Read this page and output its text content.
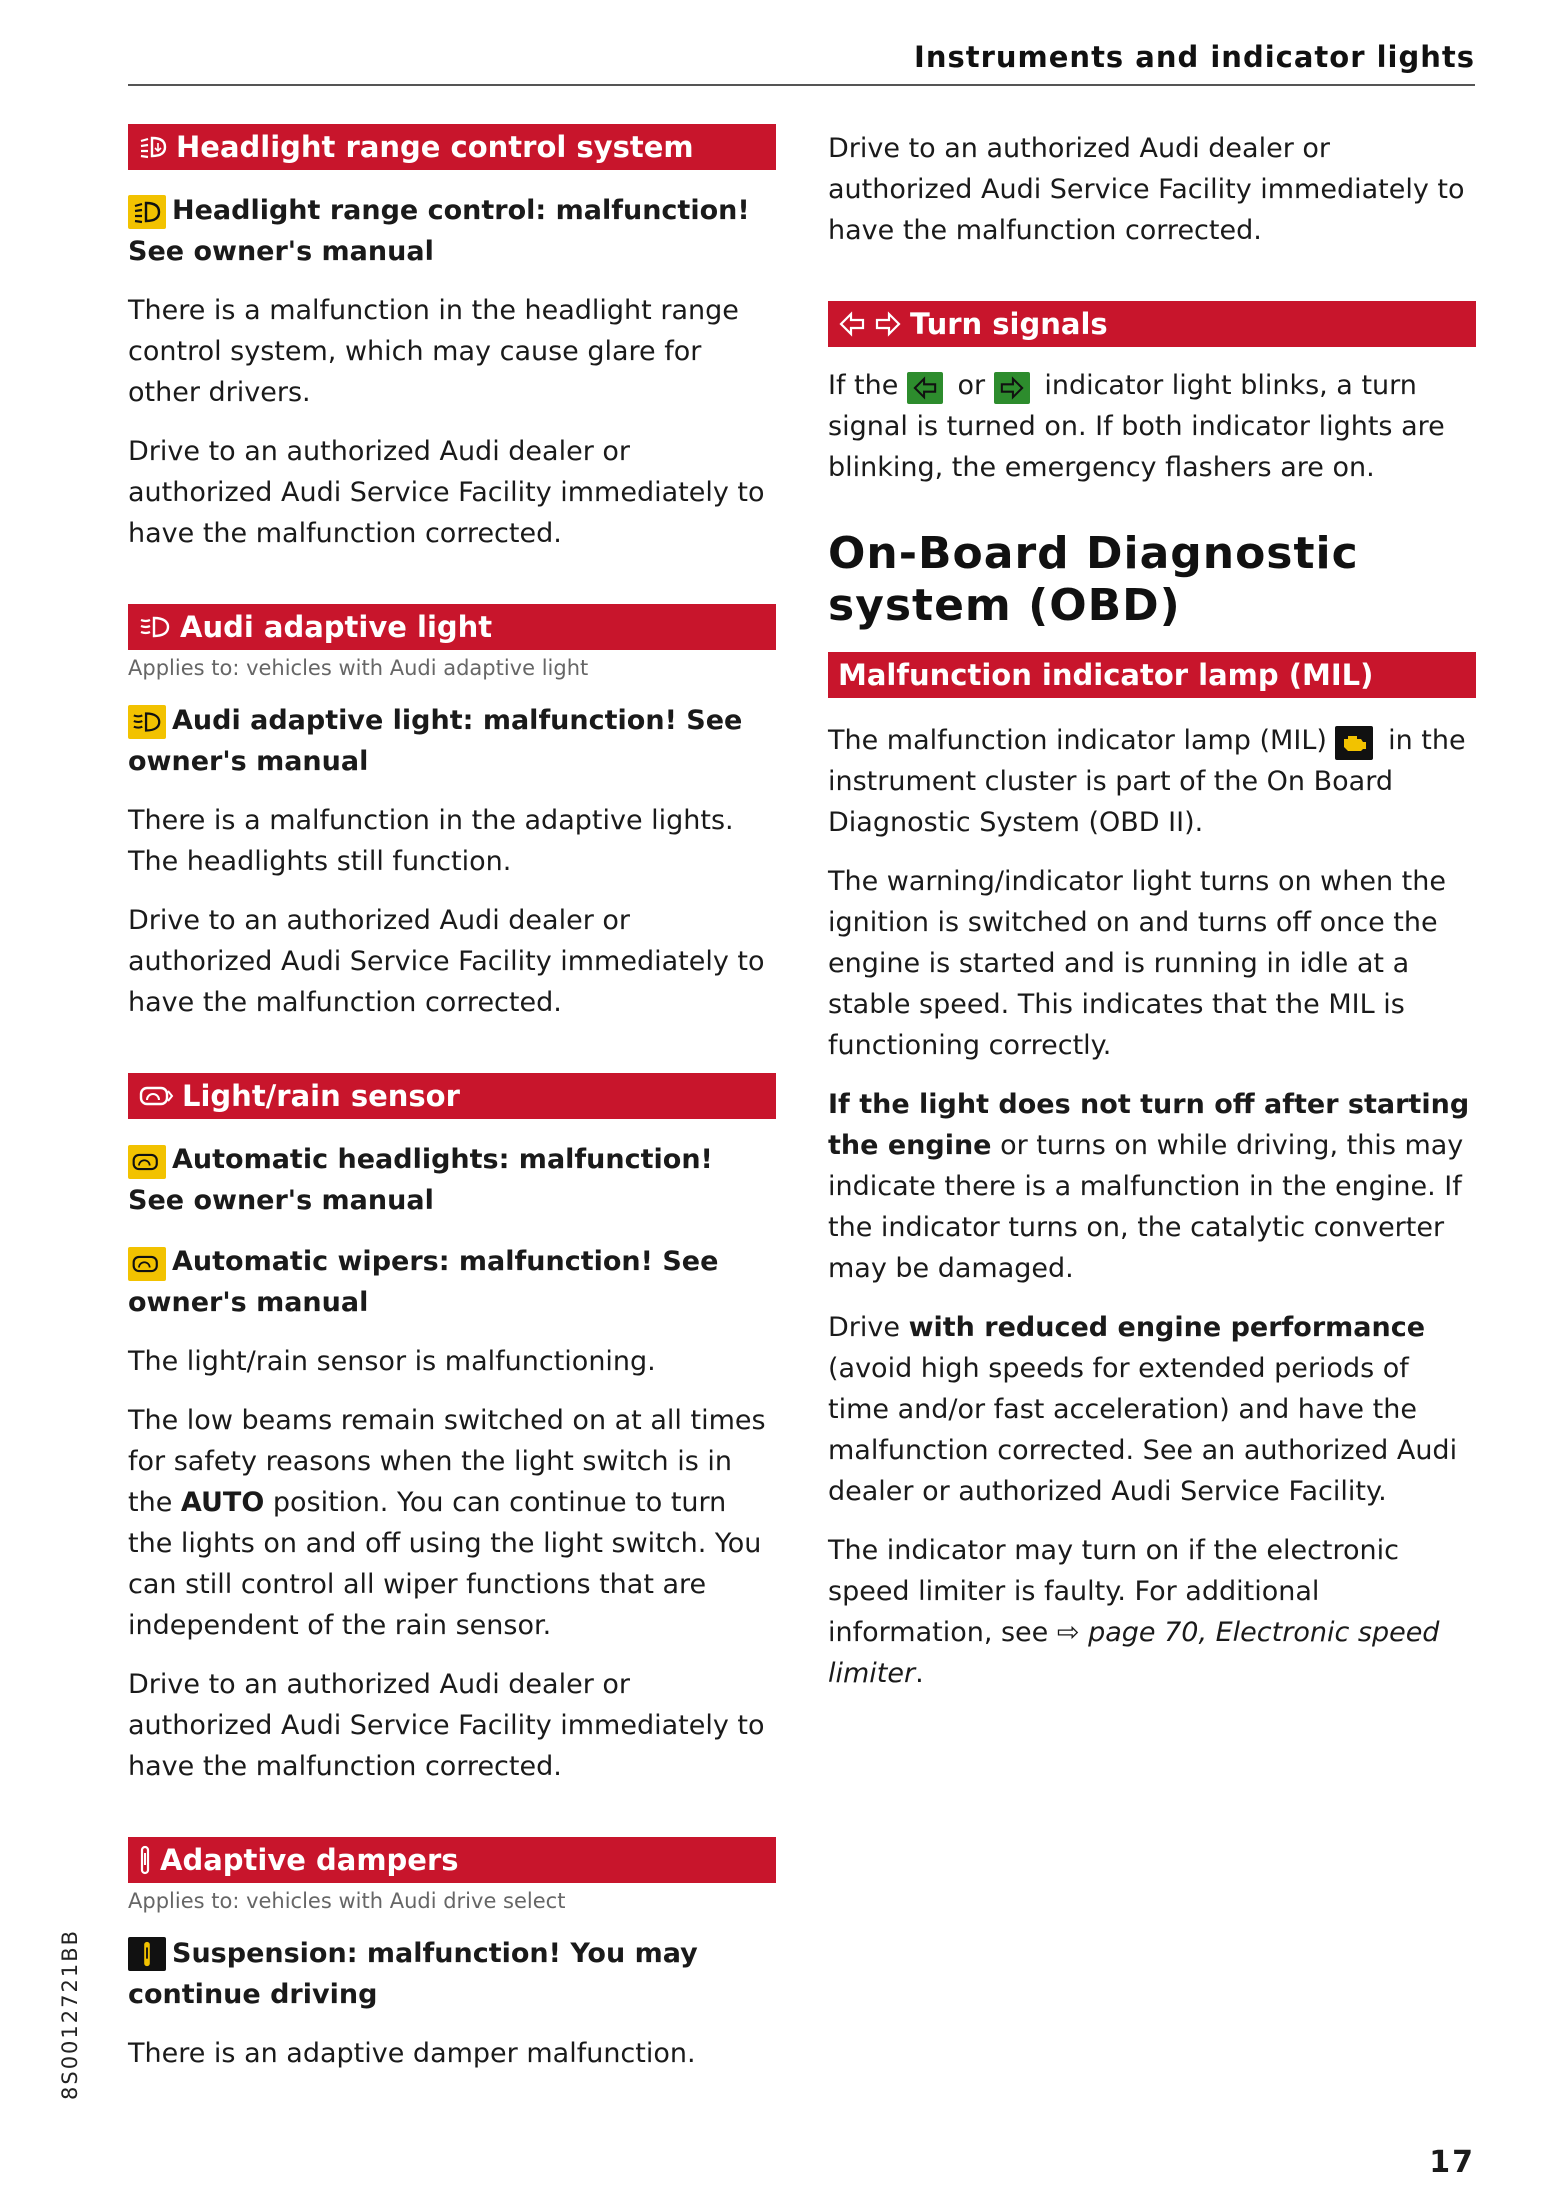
Instruments and indicator lights
Headlight range control system
Headlight range control: malfunction! See owner's manual

There is a malfunction in the headlight range control system, which may cause glare for other drivers.

Drive to an authorized Audi dealer or authorized Audi Service Facility immediately to have the malfunction corrected.

Audi adaptive light
Applies to: vehicles with Audi adaptive light
Audi adaptive light: malfunction! See owner's manual

There is a malfunction in the adaptive lights. The headlights still function.

Drive to an authorized Audi dealer or authorized Audi Service Facility immediately to have the malfunction corrected.

Light/rain sensor
Automatic headlights: malfunction! See owner's manual
Automatic wipers: malfunction! See owner's manual

The light/rain sensor is malfunctioning.

The low beams remain switched on at all times for safety reasons when the light switch is in the AUTO position. You can continue to turn the lights on and off using the light switch. You can still control all wiper functions that are independent of the rain sensor.

Drive to an authorized Audi dealer or authorized Audi Service Facility immediately to have the malfunction corrected.

Adaptive dampers
Applies to: vehicles with Audi drive select
Suspension: malfunction! You may continue driving

There is an adaptive damper malfunction.

Drive to an authorized Audi dealer or authorized Audi Service Facility immediately to have the malfunction corrected.

Turn signals

If the
or
indicator light blinks, a turn signal is turned on. If both indicator lights are blinking, the emergency flashers are on.

On-Board Diagnostic system (OBD)
Malfunction indicator lamp (MIL)

The malfunction indicator lamp (MIL)
in the instrument cluster is part of the On Board Diagnostic System (OBD II).

The warning/indicator light turns on when the ignition is switched on and turns off once the engine is started and is running in idle at a stable speed. This indicates that the MIL is functioning correctly.

If the light does not turn off after starting the engine or turns on while driving, this may indicate there is a malfunction in the engine. If the indicator turns on, the catalytic converter may be damaged.

Drive with reduced engine performance (avoid high speeds for extended periods of time and/or fast acceleration) and have the malfunction corrected. See an authorized Audi dealer or authorized Audi Service Facility.

The indicator may turn on if the electronic speed limiter is faulty. For additional information, see ⇨ page 70, Electronic speed limiter.

8S0012721BB
17
